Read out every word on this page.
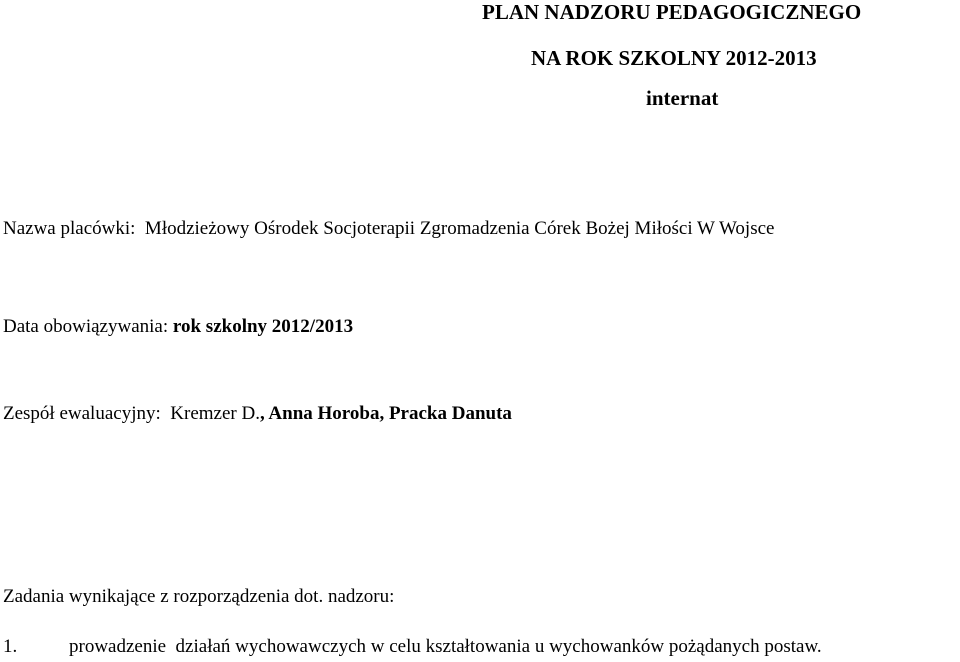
PLAN NADZORU PEDAGOGICZNEGO
NA ROK SZKOLNY 2012-2013
internat
Nazwa placówki: Młodzieżowy Ośrodek Socjoterapii Zgromadzenia Córek Bożej Miłości W Wojsce
Data obowiązywania: rok szkolny 2012/2013
Zespół ewaluacyjny: Kremzer D., Anna Horoba, Pracka Danuta
Zadania wynikające z rozporządzenia dot. nadzoru:
1.	prowadzenie  działań wychowawczych w celu kształtowania u wychowanków pożądanych postaw.
